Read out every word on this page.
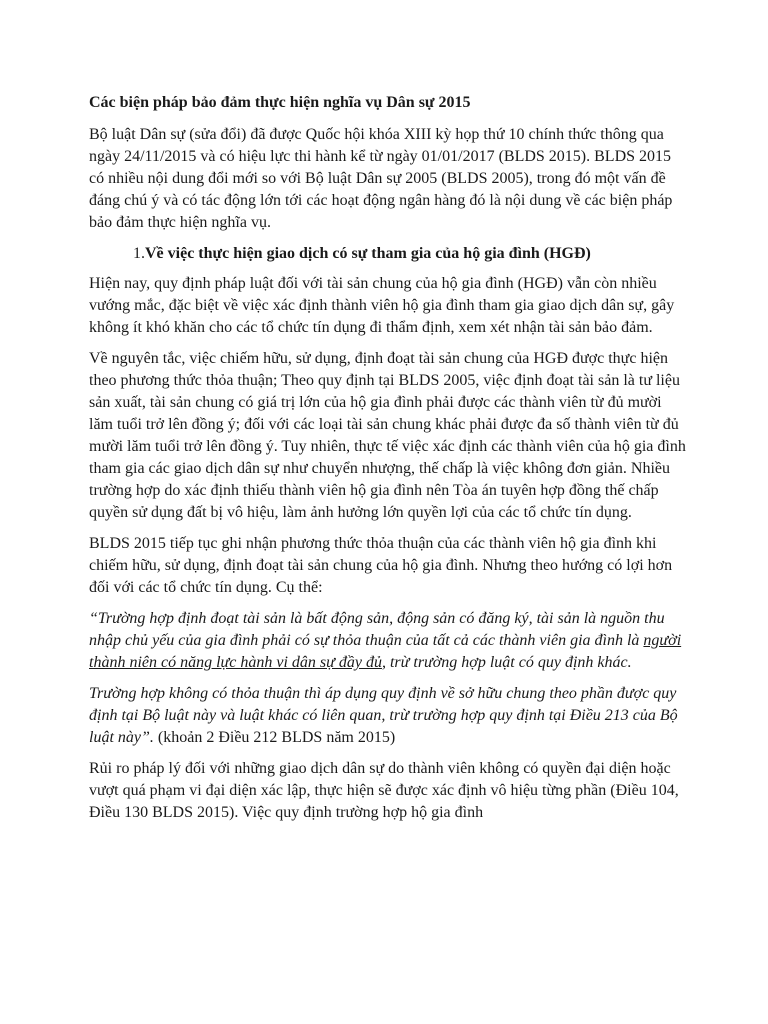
Các biện pháp bảo đảm thực hiện nghĩa vụ Dân sự 2015

Bộ luật Dân sự (sửa đổi) đã được Quốc hội khóa XIII kỳ họp thứ 10 chính thức thông qua ngày 24/11/2015 và có hiệu lực thi hành kể từ ngày 01/01/2017 (BLDS 2015). BLDS 2015 có nhiều nội dung đổi mới so với Bộ luật Dân sự 2005 (BLDS 2005), trong đó một vấn đề đáng chú ý và có tác động lớn tới các hoạt động ngân hàng đó là nội dung về các biện pháp bảo đảm thực hiện nghĩa vụ.

1.Về việc thực hiện giao dịch có sự tham gia của hộ gia đình (HGĐ)

Hiện nay, quy định pháp luật đối với tài sản chung của hộ gia đình (HGĐ) vẫn còn nhiều vướng mắc, đặc biệt về việc xác định thành viên hộ gia đình tham gia giao dịch dân sự, gây không ít khó khăn cho các tổ chức tín dụng đi thẩm định, xem xét nhận tài sản bảo đảm.

Về nguyên tắc, việc chiếm hữu, sử dụng, định đoạt tài sản chung của HGĐ được thực hiện theo phương thức thỏa thuận; Theo quy định tại BLDS 2005, việc định đoạt tài sản là tư liệu sản xuất, tài sản chung có giá trị lớn của hộ gia đình phải được các thành viên từ đủ mười lăm tuổi trở lên đồng ý; đối với các loại tài sản chung khác phải được đa số thành viên từ đủ mười lăm tuổi trở lên đồng ý. Tuy nhiên, thực tế việc xác định các thành viên của hộ gia đình tham gia các giao dịch dân sự như chuyển nhượng, thế chấp là việc không đơn giản. Nhiều trường hợp do xác định thiếu thành viên hộ gia đình nên Tòa án tuyên hợp đồng thế chấp quyền sử dụng đất bị vô hiệu, làm ảnh hưởng lớn quyền lợi của các tổ chức tín dụng.

BLDS 2015 tiếp tục ghi nhận phương thức thỏa thuận của các thành viên hộ gia đình khi chiếm hữu, sử dụng, định đoạt tài sản chung của hộ gia đình. Nhưng theo hướng có lợi hơn đối với các tổ chức tín dụng. Cụ thể:

“Trường hợp định đoạt tài sản là bất động sản, động sản có đăng ký, tài sản là nguồn thu nhập chủ yếu của gia đình phải có sự thỏa thuận của tất cả các thành viên gia đình là người thành niên có năng lực hành vi dân sự đầy đủ, trừ trường hợp luật có quy định khác.

Trường hợp không có thỏa thuận thì áp dụng quy định về sở hữu chung theo phần được quy định tại Bộ luật này và luật khác có liên quan, trừ trường hợp quy định tại Điều 213 của Bộ luật này”. (khoản 2 Điều 212 BLDS năm 2015)

Rủi ro pháp lý đối với những giao dịch dân sự do thành viên không có quyền đại diện hoặc vượt quá phạm vi đại diện xác lập, thực hiện sẽ được xác định vô hiệu từng phần (Điều 104, Điều 130 BLDS 2015). Việc quy định trường hợp hộ gia đình
